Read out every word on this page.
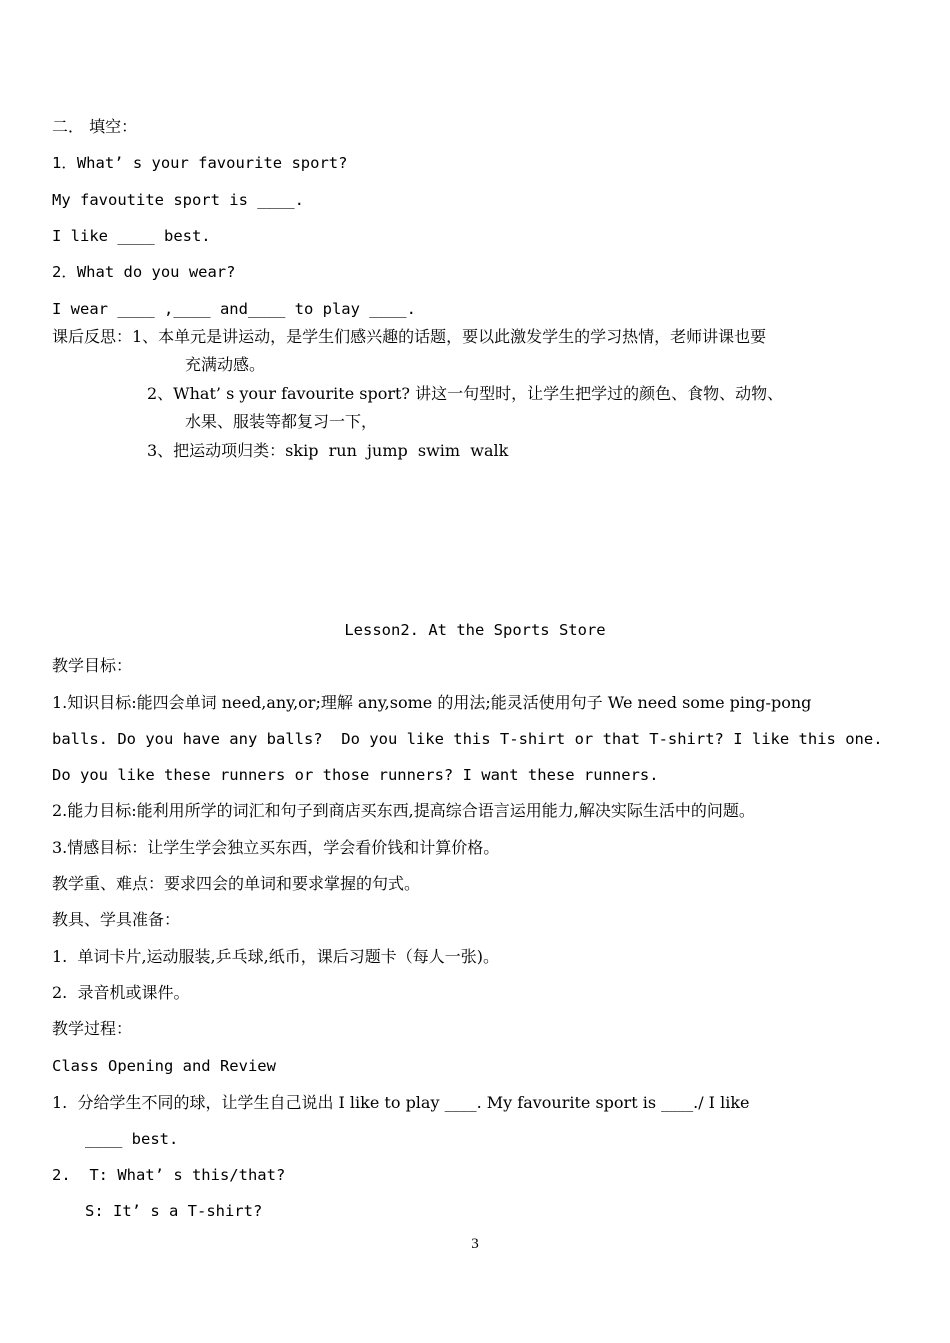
二． 填空：
1．What’ s your favourite sport?
My favoutite sport is ____.
I like ____ best.
2．What do you wear?
I wear ____ ,____ and____ to play ____.
课后反思：1、本单元是讲运动，是学生们感兴趣的话题，要以此激发学生的学习热情，老师讲课也要
充满动感。
2、What’ s your favourite sport? 讲这一句型时，让学生把学过的颜色、食物、动物、
水果、服装等都复习一下，
3、把运动项归类：skip  run  jump  swim  walk
Lesson2. At the Sports Store
教学目标：
1.知识目标:能四会单词 need,any,or;理解 any,some 的用法;能灵活使用句子 We need some ping-pong
balls. Do you have any balls?  Do you like this T-shirt or that T-shirt? I like this one.
Do you like these runners or those runners? I want these runners.
2.能力目标:能利用所学的词汇和句子到商店买东西,提高综合语言运用能力,解决实际生活中的问题。
3.情感目标：让学生学会独立买东西，学会看价钱和计算价格。
教学重、难点：要求四会的单词和要求掌握的句式。
教具、学具准备：
1.  单词卡片,运动服装,乒乓球,纸币，课后习题卡（每人一张)。
2.  录音机或课件。
教学过程：
Class Opening and Review
1.  分给学生不同的球，让学生自己说出 I like to play ____. My favourite sport is ____./ I like
____ best.
2.  T: What’ s this/that?
S: It’ s a T-shirt?
3
